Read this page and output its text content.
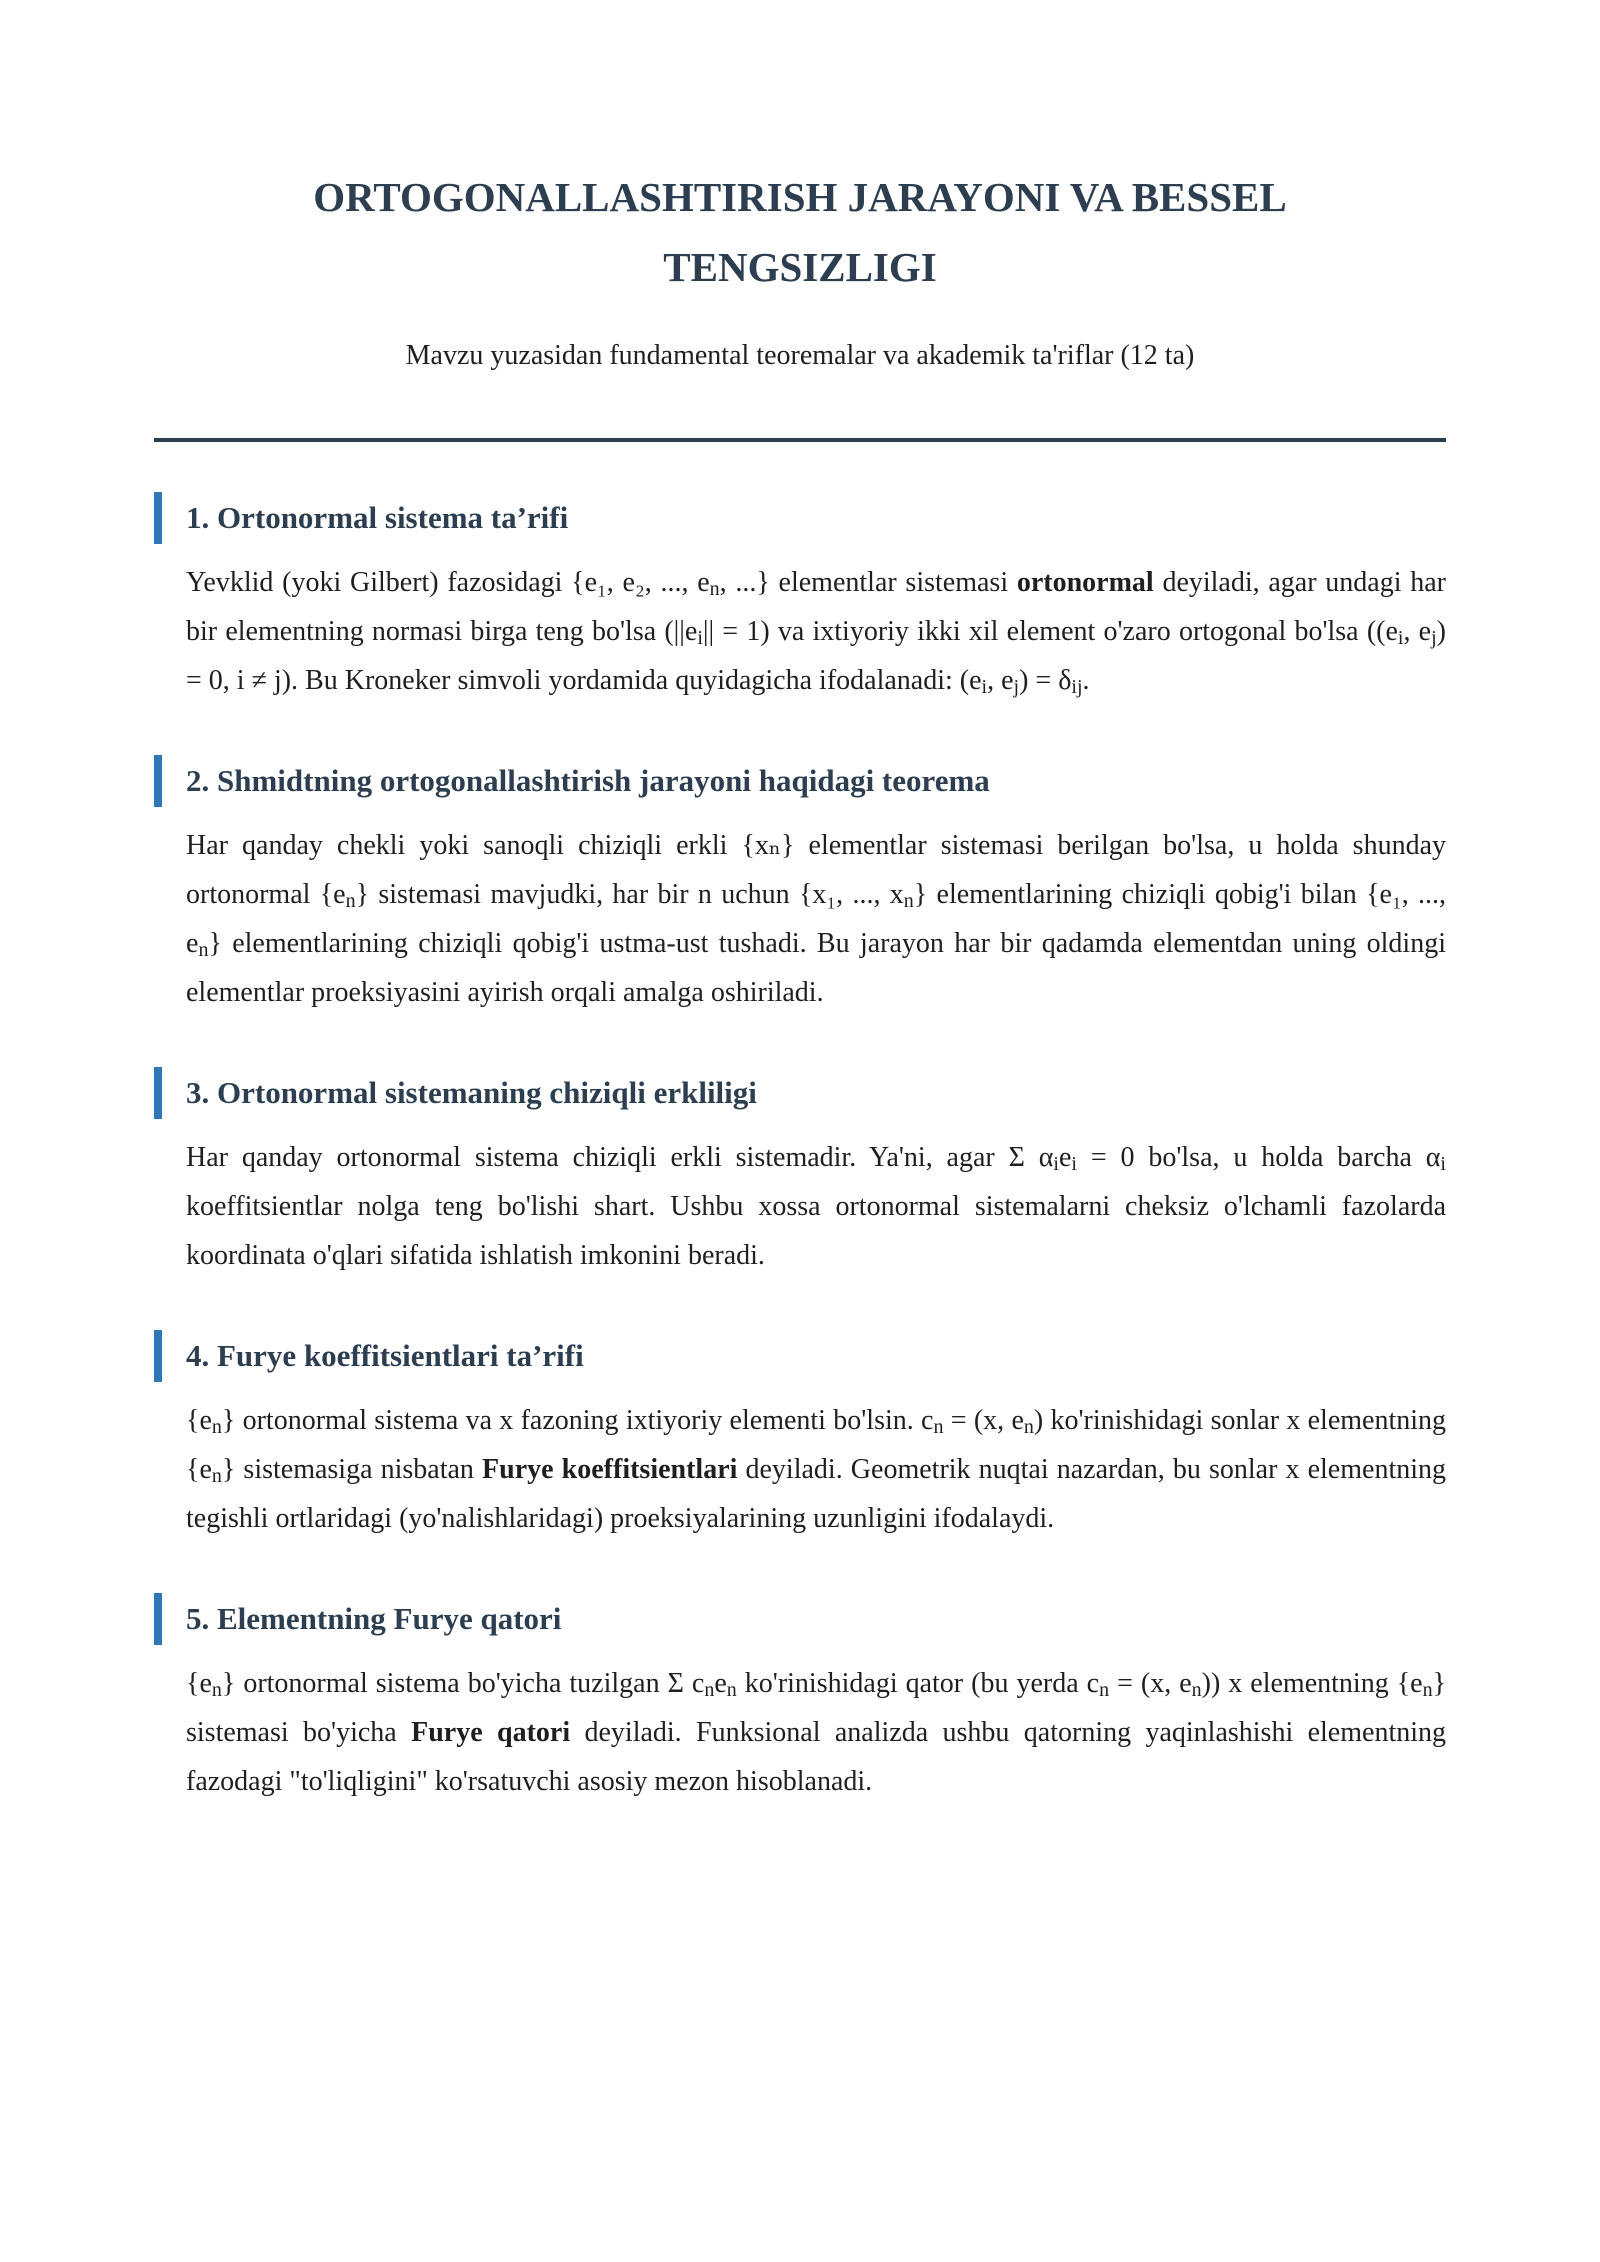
ORTOGONALLASHTIRISH JARAYONI VA BESSEL
TENGSIZLIGI
Mavzu yuzasidan fundamental teoremalar va akademik ta'riflar (12 ta)
1. Ortonormal sistema ta’rifi
Yevklid (yoki Gilbert) fazosidagi {e₁, e₂, ..., $e_n$, ...} elementlar sistemasi ortonormal deyiladi, agar undagi har bir elementning normasi birga teng bo'lsa $(||e_i|| = 1)$ va ixtiyoriy ikki xil element o'zaro ortogonal bo'lsa (($e_i$, $e_j) = 0$, i ≠ j). Bu Kroneker simvoli yordamida quyidagicha ifodalanadi: ($e_i$, $e_j) = \delta_{ij}$.
2. Shmidtning ortogonallashtirish jarayoni haqidagi teorema
Har qanday chekli yoki sanoqli chiziqli erkli {xₙ} elementlar sistemasi berilgan bo'lsa, u holda shunday ortonormal $\{e_n\}$ sistemasi mavjudki, har bir n uchun {x₁, ..., $x_n$} elementlarining chiziqli qobig'i bilan {e₁, ..., $e_n$} elementlarining chiziqli qobig'i ustma-ust tushadi. Bu jarayon har bir qadamda elementdan uning oldingi elementlar proeksiyasini ayirish orqali amalga oshiriladi.
3. Ortonormal sistemaning chiziqli erkliligi
Har qanday ortonormal sistema chiziqli erkli sistemadir. Ya'ni, agar Σ $\alpha_ie_i = 0$ bo'lsa, u holda barcha $\alpha_i$ koeffitsientlar nolga teng bo'lishi shart. Ushbu xossa ortonormal sistemalarni cheksiz o'lchamli fazolarda koordinata o'qlari sifatida ishlatish imkonini beradi.
4. Furye koeffitsientlari ta’rifi
$\{e_n\}$ ortonormal sistema va x fazoning ixtiyoriy elementi bo'lsin. $c_n = (x$, $e_n$) ko'rinishidagi sonlar x elementning $\{e_n\}$ sistemasiga nisbatan Furye koeffitsientlari deyiladi. Geometrik nuqtai nazardan, bu sonlar x elementning tegishli ortlaridagi (yo'nalishlaridagi) proeksiyalarining uzunligini ifodalaydi.
5. Elementning Furye qatori
$\{e_n\}$ ortonormal sistema bo'yicha tuzilgan Σ $c_ne_n$ ko'rinishidagi qator (bu yerda $c_n = (x$, $e_n$)) x elementning $\{e_n\}$ sistemasi bo'yicha Furye qatori deyiladi. Funksional analizda ushbu qatorning yaqinlashishi elementning fazodagi "to'liqligini" ko'rsatuvchi asosiy mezon hisoblanadi.
